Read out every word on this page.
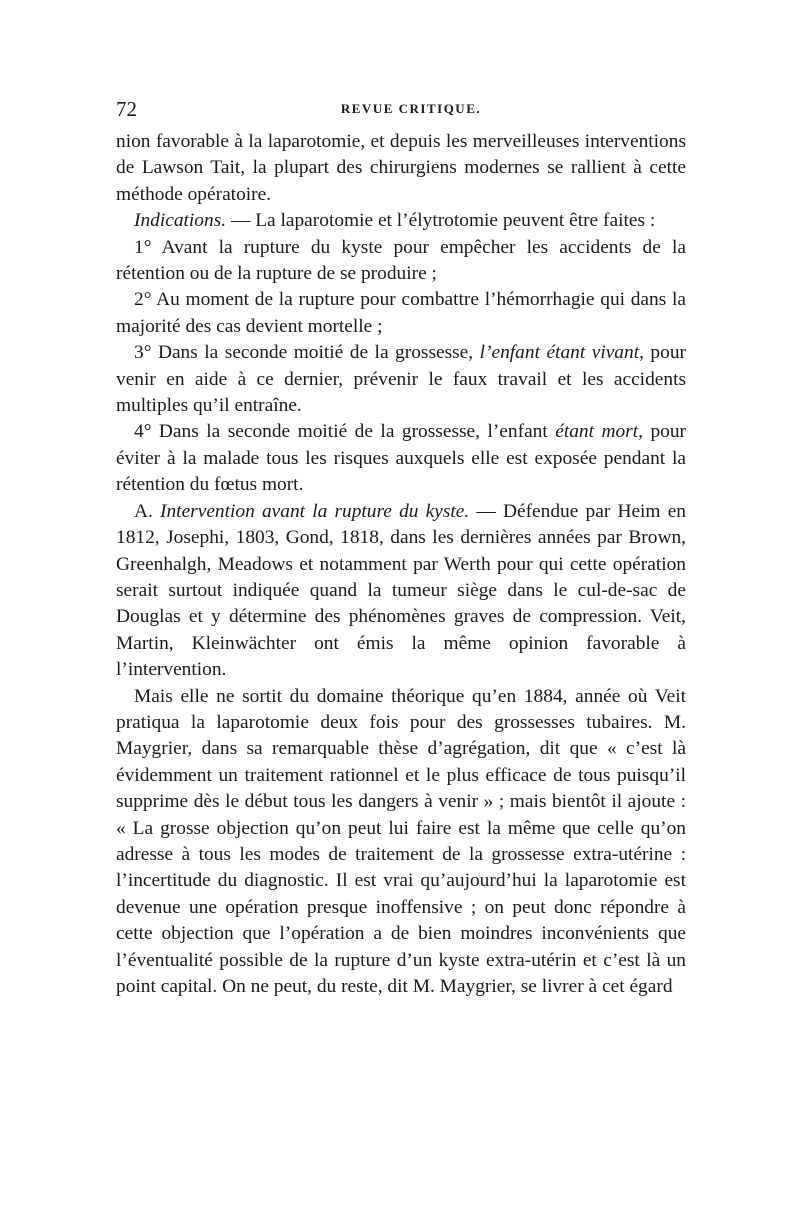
72	REVUE CRITIQUE.

nion favorable à la laparotomie, et depuis les merveilleuses interventions de Lawson Tait, la plupart des chirurgiens modernes se rallient à cette méthode opératoire.

Indications. — La laparotomie et l’élytrotomie peuvent être faites :

1° Avant la rupture du kyste pour empêcher les accidents de la rétention ou de la rupture de se produire ;

2° Au moment de la rupture pour combattre l’hémorrhagie qui dans la majorité des cas devient mortelle ;

3° Dans la seconde moitié de la grossesse, l’enfant étant vivant, pour venir en aide à ce dernier, prévenir le faux travail et les accidents multiples qu’il entraîne.

4° Dans la seconde moitié de la grossesse, l’enfant étant mort, pour éviter à la malade tous les risques auxquels elle est exposée pendant la rétention du fœtus mort.

A. Intervention avant la rupture du kyste. — Défendue par Heim en 1812, Josephi, 1803, Gond, 1818, dans les dernières années par Brown, Greenhalgh, Meadows et notamment par Werth pour qui cette opération serait surtout indiquée quand la tumeur siège dans le cul-de-sac de Douglas et y détermine des phénomènes graves de compression. Veit, Martin, Kleinwächter ont émis la même opinion favorable à l’intervention.

Mais elle ne sortit du domaine théorique qu’en 1884, année où Veit pratiqua la laparotomie deux fois pour des grossesses tubaires. M. Maygrier, dans sa remarquable thèse d’agrégation, dit que « c’est là évidemment un traitement rationnel et le plus efficace de tous puisqu’il supprime dès le début tous les dangers à venir » ; mais bientôt il ajoute : « La grosse objection qu’on peut lui faire est la même que celle qu’on adresse à tous les modes de traitement de la grossesse extra-utérine : l’incertitude du diagnostic. Il est vrai qu’aujourd’hui la laparotomie est devenue une opération presque inoffensive ; on peut donc répondre à cette objection que l’opération a de bien moindres inconvénients que l’éventualité possible de la rupture d’un kyste extra-utérin et c’est là un point capital. On ne peut, du reste, dit M. Maygrier, se livrer à cet égard
